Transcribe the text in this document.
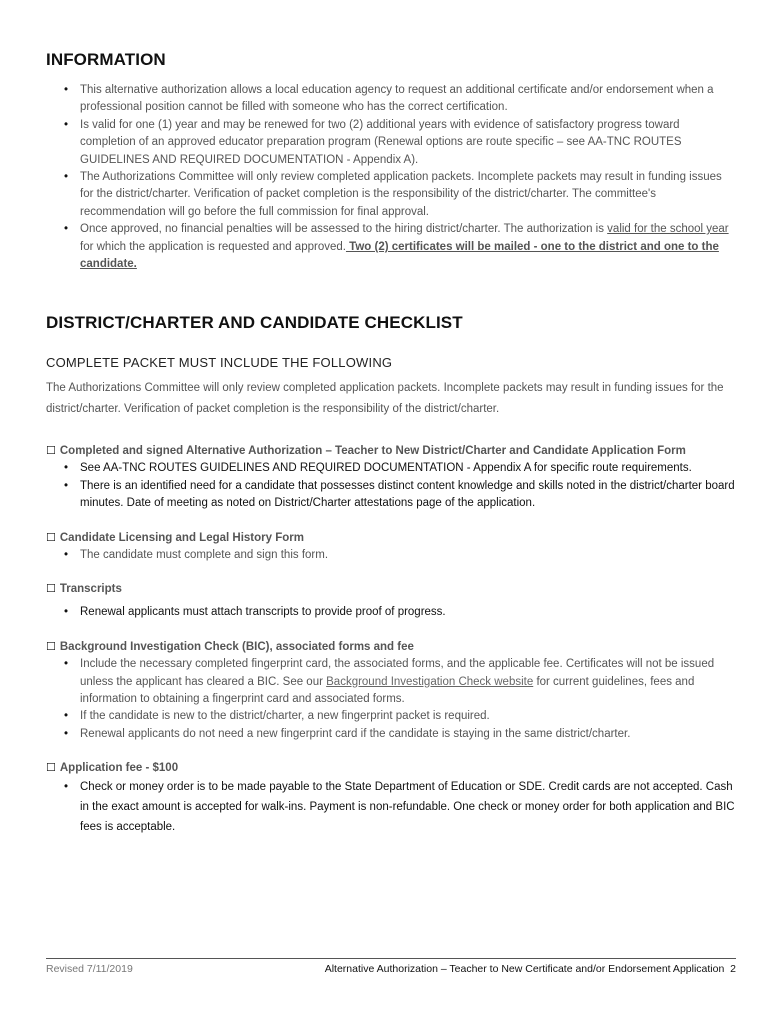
INFORMATION
• This alternative authorization allows a local education agency to request an additional certificate and/or endorsement when a professional position cannot be filled with someone who has the correct certification.
• Is valid for one (1) year and may be renewed for two (2) additional years with evidence of satisfactory progress toward completion of an approved educator preparation program (Renewal options are route specific – see AA-TNC ROUTES GUIDELINES AND REQUIRED DOCUMENTATION - Appendix A).
• The Authorizations Committee will only review completed application packets. Incomplete packets may result in funding issues for the district/charter. Verification of packet completion is the responsibility of the district/charter. The committee's recommendation will go before the full commission for final approval.
• Once approved, no financial penalties will be assessed to the hiring district/charter. The authorization is valid for the school year for which the application is requested and approved. Two (2) certificates will be mailed - one to the district and one to the candidate.
DISTRICT/CHARTER AND CANDIDATE CHECKLIST
COMPLETE PACKET MUST INCLUDE THE FOLLOWING

The Authorizations Committee will only review completed application packets. Incomplete packets may result in funding issues for the district/charter. Verification of packet completion is the responsibility of the district/charter.

☐ Completed and signed Alternative Authorization – Teacher to New District/Charter and Candidate Application Form
• See AA-TNC ROUTES GUIDELINES AND REQUIRED DOCUMENTATION - Appendix A for specific route requirements.
• There is an identified need for a candidate that possesses distinct content knowledge and skills noted in the district/charter board minutes. Date of meeting as noted on District/Charter attestations page of the application.
☐ Candidate Licensing and Legal History Form
• The candidate must complete and sign this form.
☐ Transcripts
• Renewal applicants must attach transcripts to provide proof of progress.
☐ Background Investigation Check (BIC), associated forms and fee
• Include the necessary completed fingerprint card, the associated forms, and the applicable fee. Certificates will not be issued unless the applicant has cleared a BIC. See our Background Investigation Check website for current guidelines, fees and information to obtaining a fingerprint card and associated forms.
• If the candidate is new to the district/charter, a new fingerprint packet is required.
• Renewal applicants do not need a new fingerprint card if the candidate is staying in the same district/charter.
☐ Application fee - $100
• Check or money order is to be made payable to the State Department of Education or SDE. Credit cards are not accepted. Cash in the exact amount is accepted for walk-ins. Payment is non-refundable. One check or money order for both application and BIC fees is acceptable.
Revised 7/11/2019	Alternative Authorization – Teacher to New Certificate and/or Endorsement Application 2
